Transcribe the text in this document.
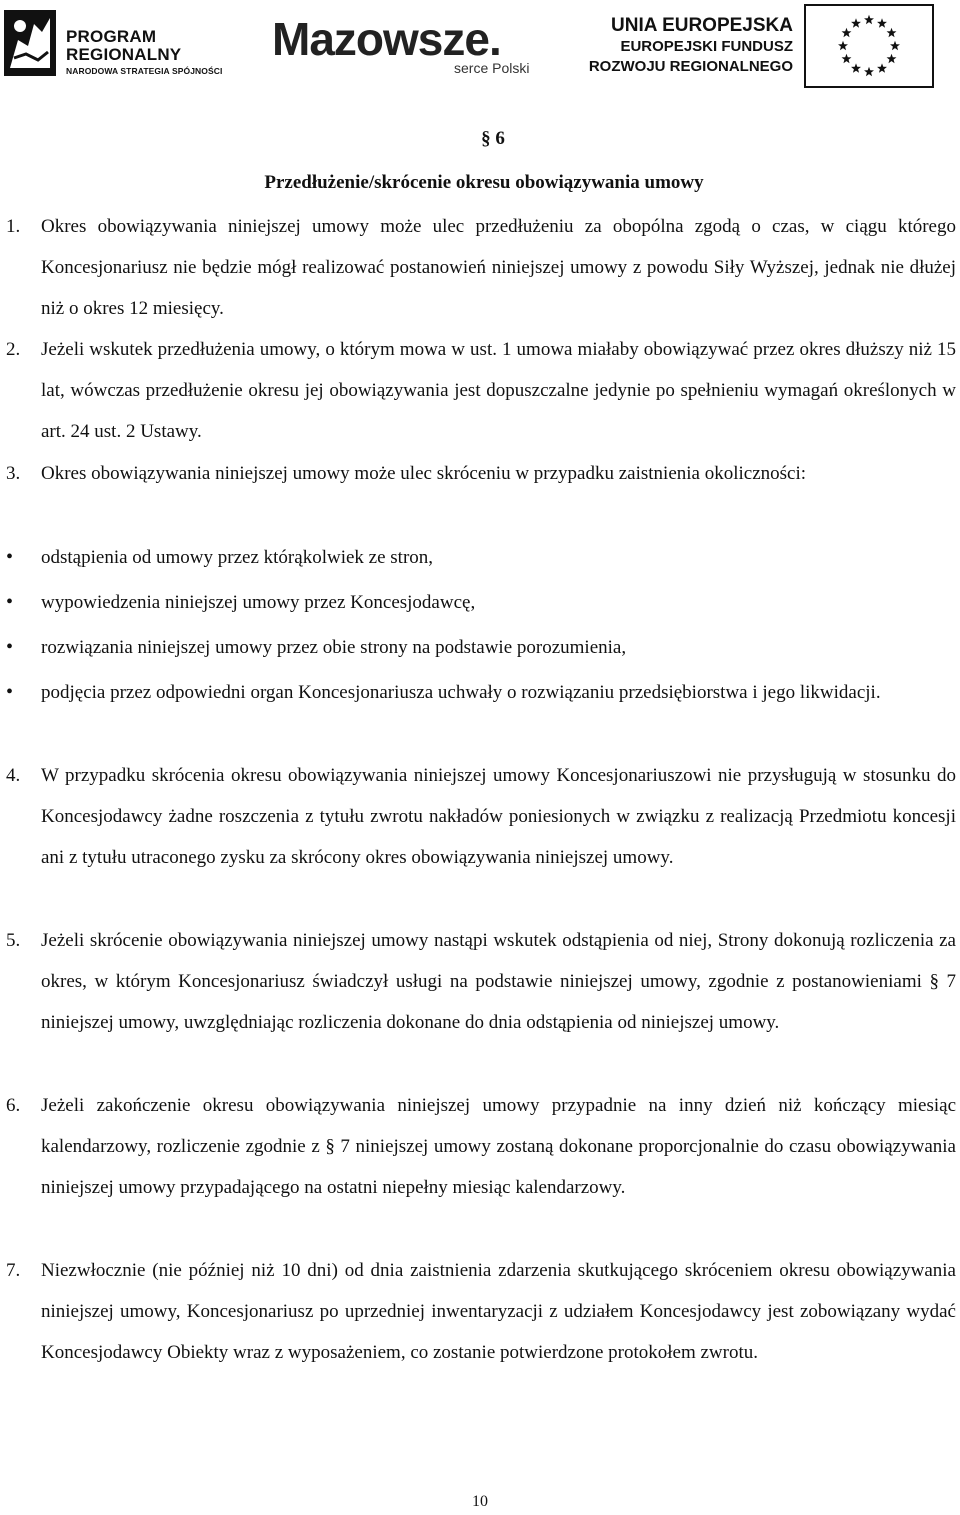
PROGRAM
REGIONALNY
NARODOWA STRATEGIA SPÓJNOŚCI
Mazowsze.
serce Polski
UNIA EUROPEJSKA
EUROPEJSKI FUNDUSZ
ROZWOJU REGIONALNEGO
§ 6
Przedłużenie/skrócenie okresu obowiązywania umowy
1. Okres obowiązywania niniejszej umowy może ulec przedłużeniu za obopólna zgodą o czas, w ciągu którego Koncesjonariusz nie będzie mógł realizować postanowień niniejszej umowy z powodu Siły Wyższej, jednak nie dłużej niż o okres 12 miesięcy.
2. Jeżeli wskutek przedłużenia umowy, o którym mowa w ust. 1 umowa miałaby obowiązywać przez okres dłuższy niż 15 lat, wówczas przedłużenie okresu jej obowiązywania jest dopuszczalne jedynie po spełnieniu wymagań określonych w art. 24 ust. 2 Ustawy.
3. Okres obowiązywania niniejszej umowy może ulec skróceniu w przypadku zaistnienia okoliczności:
•
odstąpienia od umowy przez którąkolwiek ze stron,
•
wypowiedzenia niniejszej umowy przez Koncesjodawcę,
•
rozwiązania niniejszej umowy przez obie strony na podstawie porozumienia,
•
podjęcia przez odpowiedni organ Koncesjonariusza uchwały o rozwiązaniu przedsiębiorstwa i jego likwidacji.
4. W przypadku skrócenia okresu obowiązywania niniejszej umowy Koncesjonariuszowi nie przysługują w stosunku do Koncesjodawcy żadne roszczenia z tytułu zwrotu nakładów poniesionych w związku z realizacją Przedmiotu koncesji ani z tytułu utraconego zysku za skrócony okres obowiązywania niniejszej umowy.
5. Jeżeli skrócenie obowiązywania niniejszej umowy nastąpi wskutek odstąpienia od niej, Strony dokonują rozliczenia za okres, w którym Koncesjonariusz świadczył usługi na podstawie niniejszej umowy, zgodnie z postanowieniami § 7 niniejszej umowy, uwzględniając rozliczenia dokonane do dnia odstąpienia od niniejszej umowy.
6. Jeżeli zakończenie okresu obowiązywania niniejszej umowy przypadnie na inny dzień niż kończący miesiąc kalendarzowy, rozliczenie zgodnie z § 7 niniejszej umowy zostaną dokonane proporcjonalnie do czasu obowiązywania niniejszej umowy przypadającego na ostatni niepełny miesiąc kalendarzowy.
7. Niezwłocznie (nie później niż 10 dni) od dnia zaistnienia zdarzenia skutkującego skróceniem okresu obowiązywania niniejszej umowy, Koncesjonariusz po uprzedniej inwentaryzacji z udziałem Koncesjodawcy jest zobowiązany wydać Koncesjodawcy Obiekty wraz z wyposażeniem, co zostanie potwierdzone protokołem zwrotu.
10
